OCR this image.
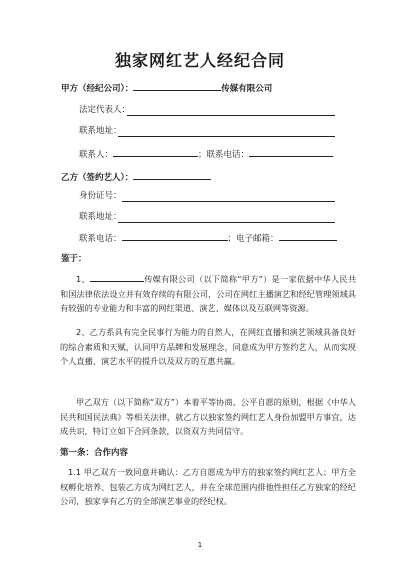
独家网红艺人经纪合同
甲方（经纪公司）：	传媒有限公司
法定代表人：
联系地址：
联系人：	；联系电话：
乙方（签约艺人）：
身份证号：
联系地址：
联系电话：	；电子邮箱：
鉴于：
1、	传媒有限公司（以下简称“甲方”）是一家依据中华人民共和国法律依法设立并有效存续的有限公司，公司在网红主播演艺和经纪管理领域具有较强的专业能力和丰富的网红渠道、演艺、媒体以及互联网等资源。
2、乙方系具有完全民事行为能力的自然人，在网红直播和演艺领域具备良好的综合素质和天赋，认同甲方品牌和发展理念，同意成为甲方签约艺人，从而实现个人直播、演艺水平的提升以及双方的互惠共赢。
甲乙双方（以下简称“双方”）本着平等协商、公平自愿的原则，根据《中华人民共和国民法典》等相关法律，就乙方以独家签约网红艺人身份加盟甲方事宜，达成共识，特订立如下合同条款，以资双方共同信守。
第一条：合作内容
1.1 甲乙双方一致同意并确认：乙方自愿成为甲方的独家签约网红艺人；甲方全权孵化培养、包装乙方成为网红艺人，并在全球范围内排他性担任乙方独家的经纪公司，独家享有乙方的全部演艺事业的经纪权。
1
